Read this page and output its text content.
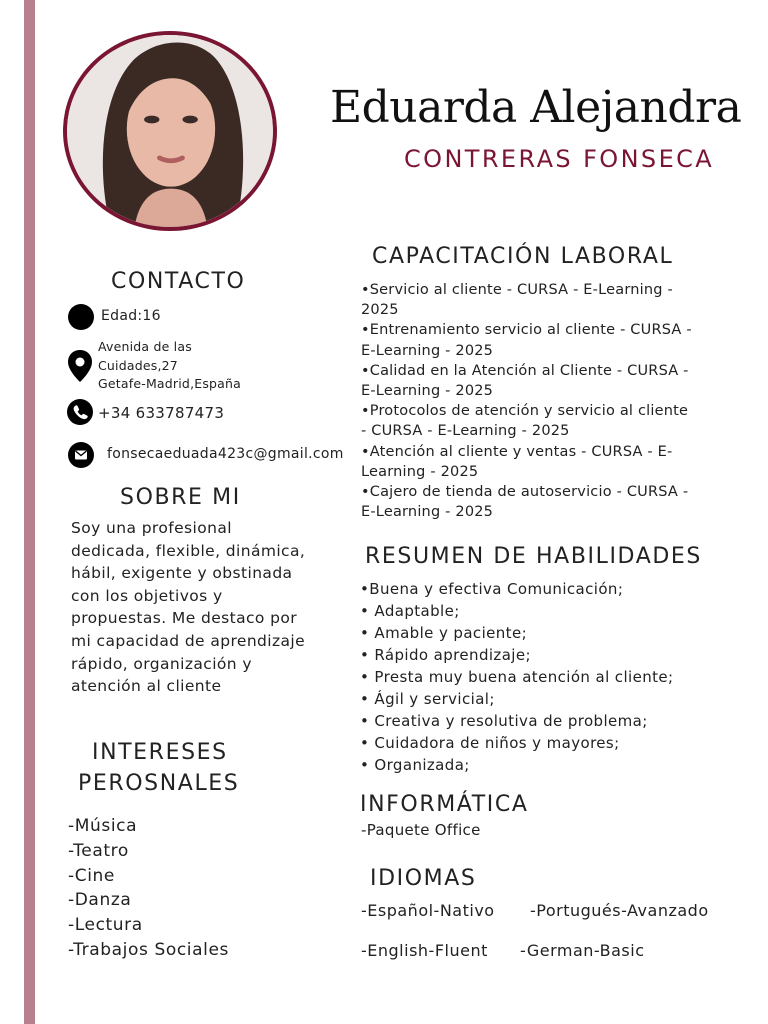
Eduarda Alejandra
CONTRERAS FONSECA
CONTACTO
Edad:16
Avenida de las
Cuidades,27
Getafe-Madrid,España
+34 633787473
fonsecaeduada423c@gmail.com
SOBRE MI
Soy una profesional
dedicada, flexible, dinámica,
hábil, exigente y obstinada
con los objetivos y
propuestas. Me destaco por
mi capacidad de aprendizaje
rápido, organización y
atención al cliente
INTERESES
PEROSNALES
-Música
-Teatro
-Cine
-Danza
-Lectura
-Trabajos Sociales
CAPACITACIÓN LABORAL
•Servicio al cliente - CURSA - E-Learning -
2025
•Entrenamiento servicio al cliente - CURSA -
E-Learning - 2025
•Calidad en la Atención al Cliente - CURSA -
E-Learning - 2025
•Protocolos de atención y servicio al cliente
- CURSA - E-Learning - 2025
•Atención al cliente y ventas - CURSA - E-
Learning - 2025
•Cajero de tienda de autoservicio - CURSA -
E-Learning - 2025
RESUMEN DE HABILIDADES
•Buena y efectiva Comunicación;
• Adaptable;
• Amable y paciente;
• Rápido aprendizaje;
• Presta muy buena atención al cliente;
• Ágil y servicial;
• Creativa y resolutiva de problema;
• Cuidadora de niños y mayores;
• Organizada;
INFORMÁTICA
-Paquete Office
IDIOMAS
-Español-Nativo -Portugués-Avanzado
-English-Fluent -German-Basic
